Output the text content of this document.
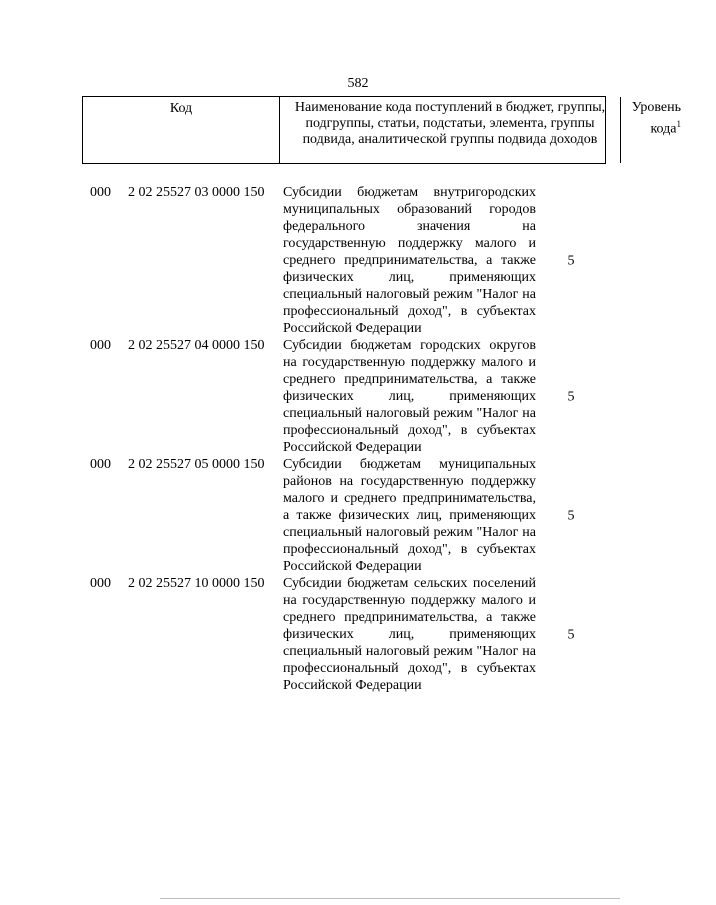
582
Код	Наименование кода поступлений в бюджет, группы, подгруппы, статьи, подстатьи, элемента, группы подвида, аналитической группы подвида доходов
Уровень кода$^1$
000 2 02 25527 03 0000 150 Субсидии бюджетам внутригородских муниципальных образований городов федерального значения на государственную поддержку малого и среднего предпринимательства, а также физических лиц, применяющих специальный налоговый режим "Налог на профессиональный доход", в субъектах Российской Федерации
5
000 2 02 25527 04 0000 150 Субсидии бюджетам городских округов на государственную поддержку малого и среднего предпринимательства, а также физических лиц, применяющих специальный налоговый режим "Налог на профессиональный доход", в субъектах Российской Федерации
5
000 2 02 25527 05 0000 150 Субсидии бюджетам муниципальных районов на государственную поддержку малого и среднего предпринимательства, а также физических лиц, применяющих специальный налоговый режим "Налог на профессиональный доход", в субъектах Российской Федерации
5
000 2 02 25527 10 0000 150 Субсидии бюджетам сельских поселений на государственную поддержку малого и среднего предпринимательства, а также физических лиц, применяющих специальный налоговый режим "Налог на профессиональный доход", в субъектах Российской Федерации
5
